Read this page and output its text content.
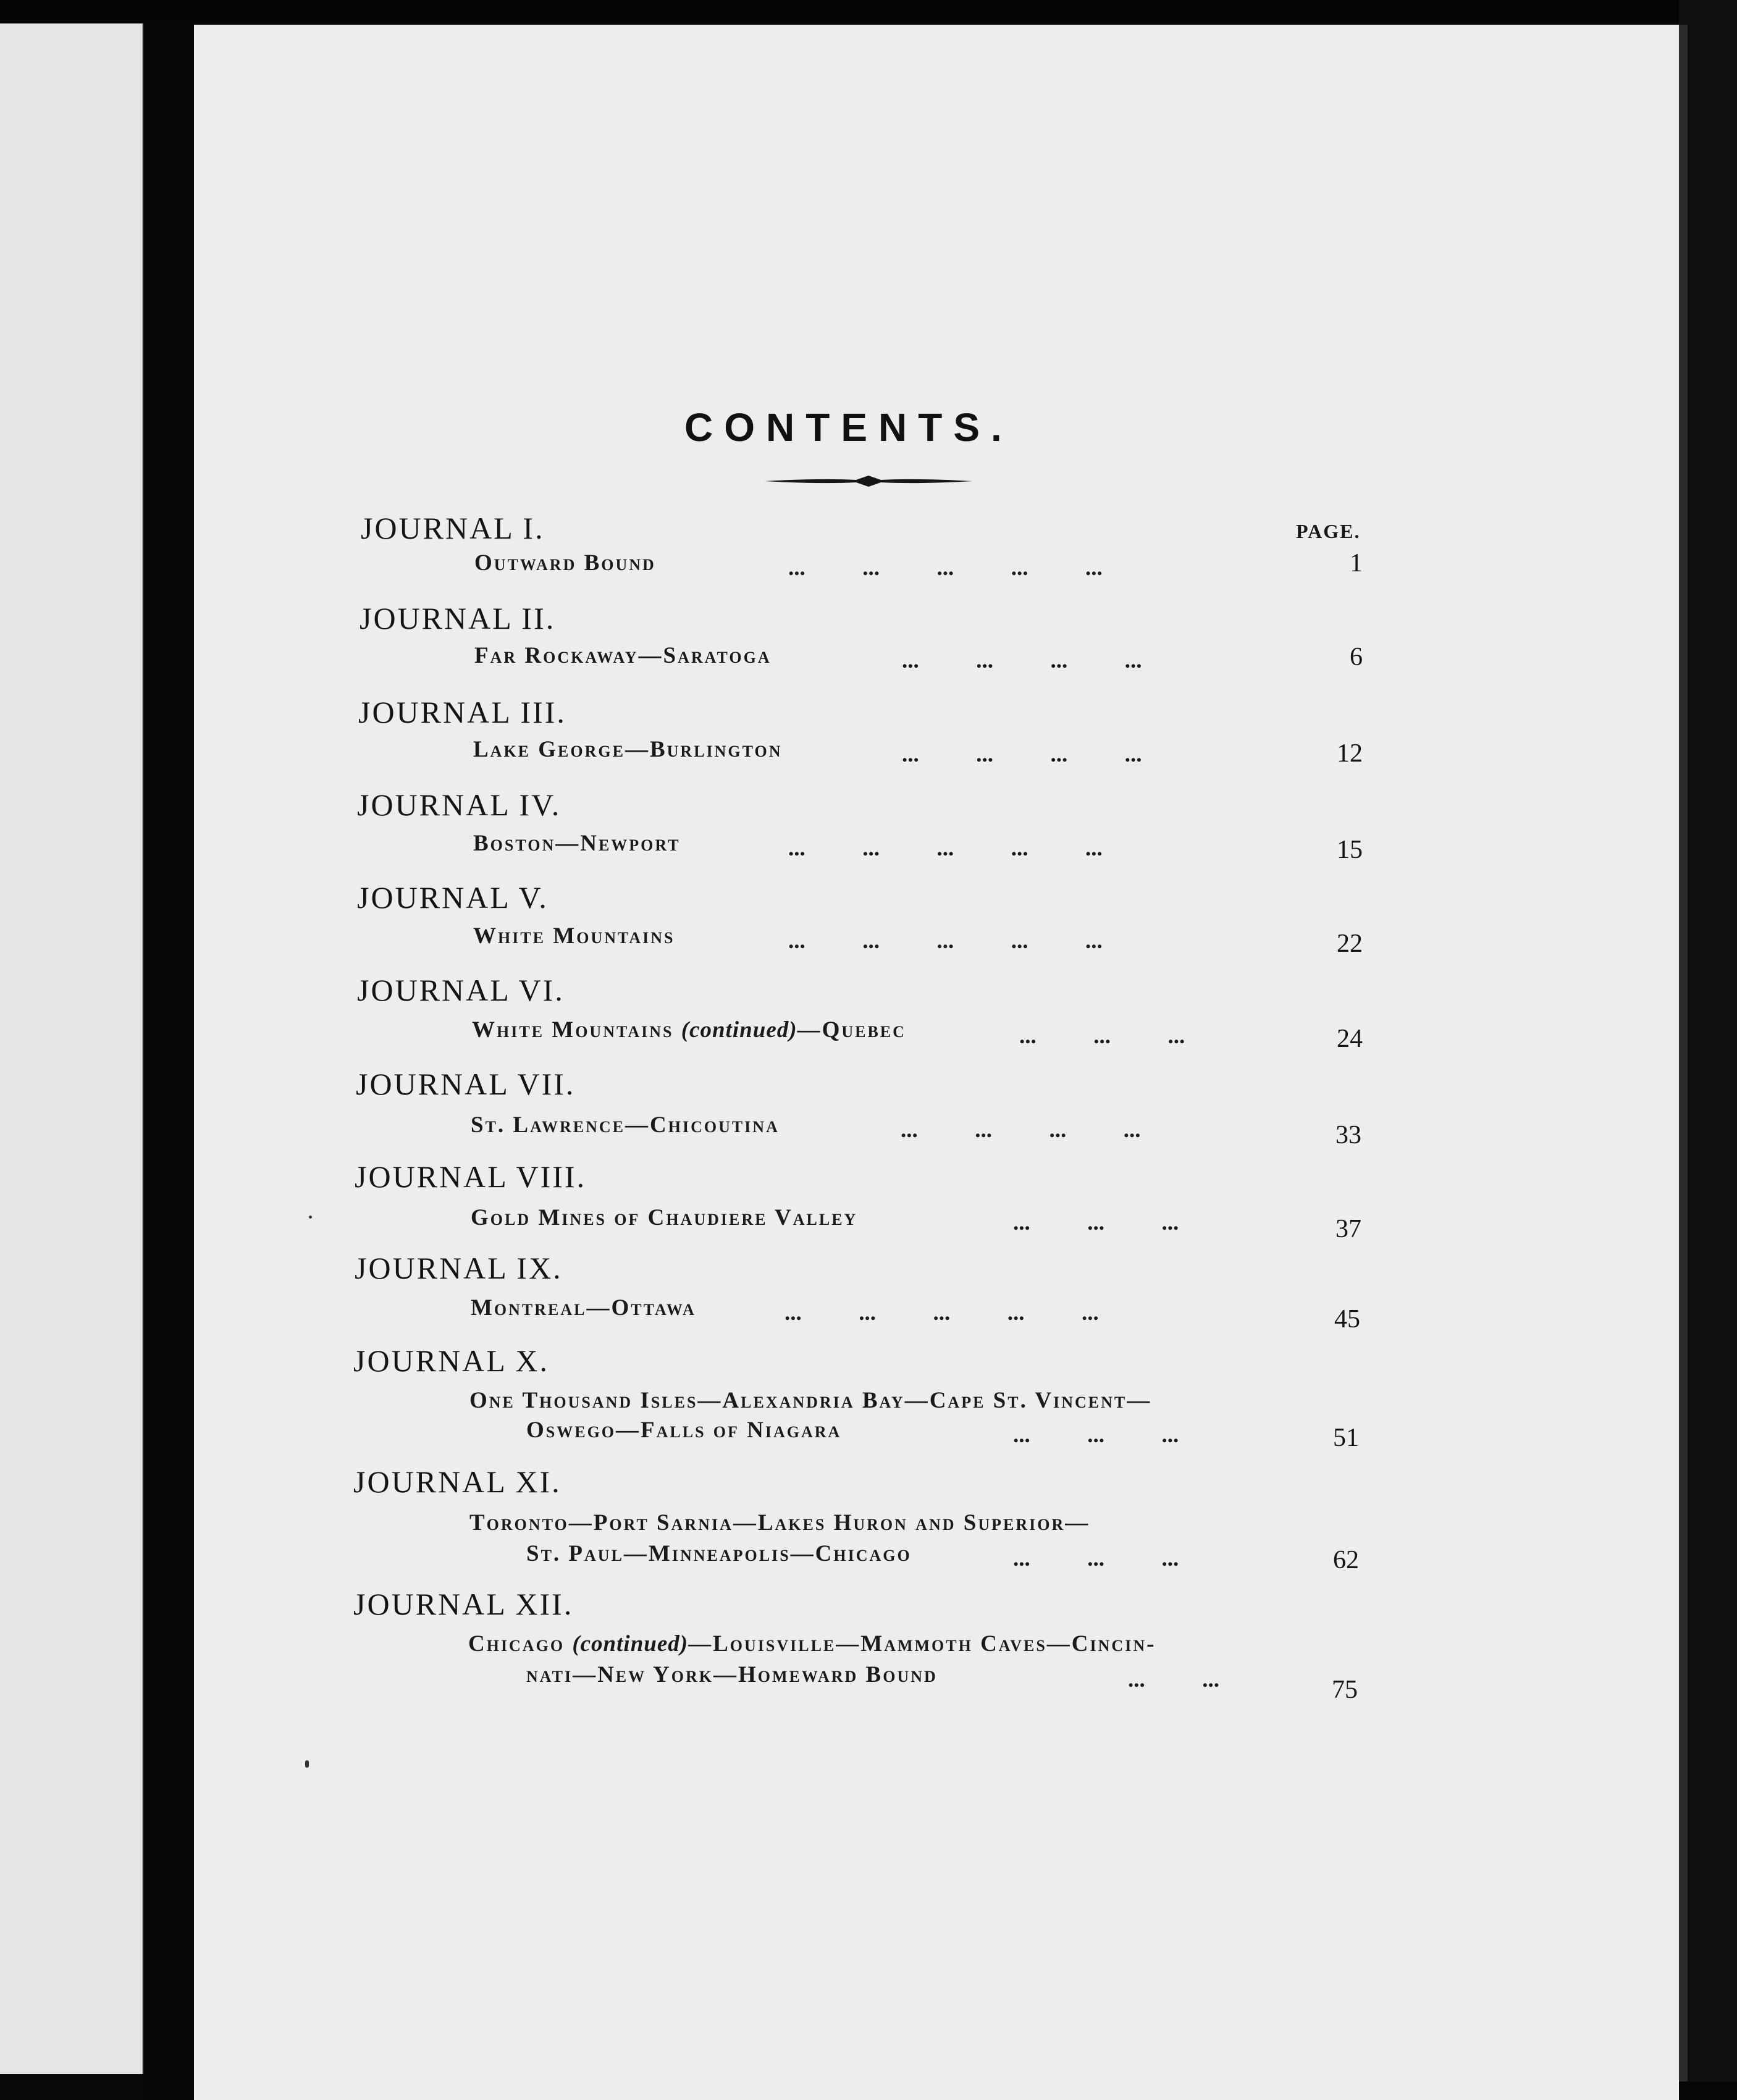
CONTENTS.
PAGE.
JOURNAL I.
Outward Bound	...          ...          ...          ...          ...	1
JOURNAL II.
Far Rockaway—Saratoga	...          ...          ...          ...	6
JOURNAL III.
Lake George—Burlington	...          ...          ...          ...	12
JOURNAL IV.
Boston—Newport	...          ...          ...          ...          ...	15
JOURNAL V.
White Mountains	...          ...          ...          ...          ...	22
JOURNAL VI.
White Mountains (continued)—Quebec	...          ...          ...	24
JOURNAL VII.
St. Lawrence—Chicoutina	...          ...          ...          ...	33
JOURNAL VIII.
Gold Mines of Chaudiere Valley	...          ...          ...	37
JOURNAL IX.
Montreal—Ottawa	...          ...          ...          ...          ...	45
JOURNAL X.
One Thousand Isles—Alexandria Bay—Cape St. Vincent—
Oswego—Falls of Niagara	...          ...          ...	51
JOURNAL XI.
Toronto—Port Sarnia—Lakes Huron and Superior—
St. Paul—Minneapolis—Chicago	...          ...          ...	62
JOURNAL XII.
Chicago (continued)—Louisville—Mammoth Caves—Cincin-
nati—New York—Homeward Bound	...          ...	75
